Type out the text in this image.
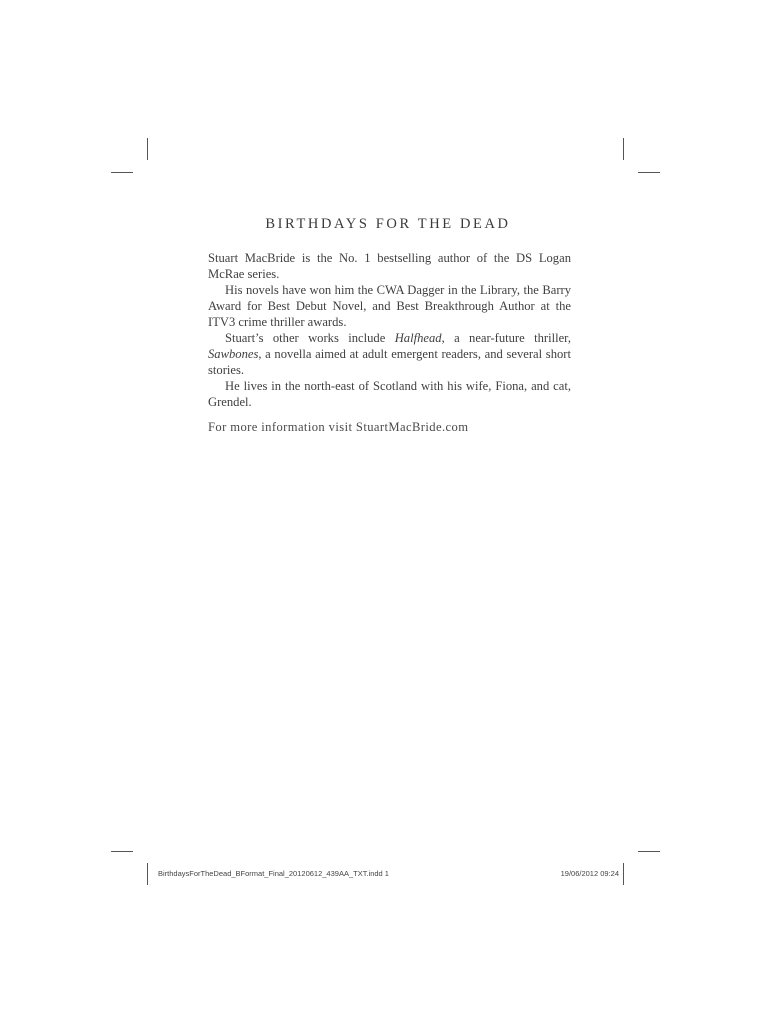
BIRTHDAYS FOR THE DEAD

Stuart MacBride is the No. 1 bestselling author of the DS Logan McRae series.

His novels have won him the CWA Dagger in the Library, the Barry Award for Best Debut Novel, and Best Breakthrough Author at the ITV3 crime thriller awards.

Stuart’s other works include Halfhead, a near-future thriller, Sawbones, a novella aimed at adult emergent readers, and several short stories.

He lives in the north-east of Scotland with his wife, Fiona, and cat, Grendel.

For more information visit StuartMacBride.com
BirthdaysForTheDead_BFormat_Final_20120612_439AA_TXT.indd 1	19/06/2012 09:24
